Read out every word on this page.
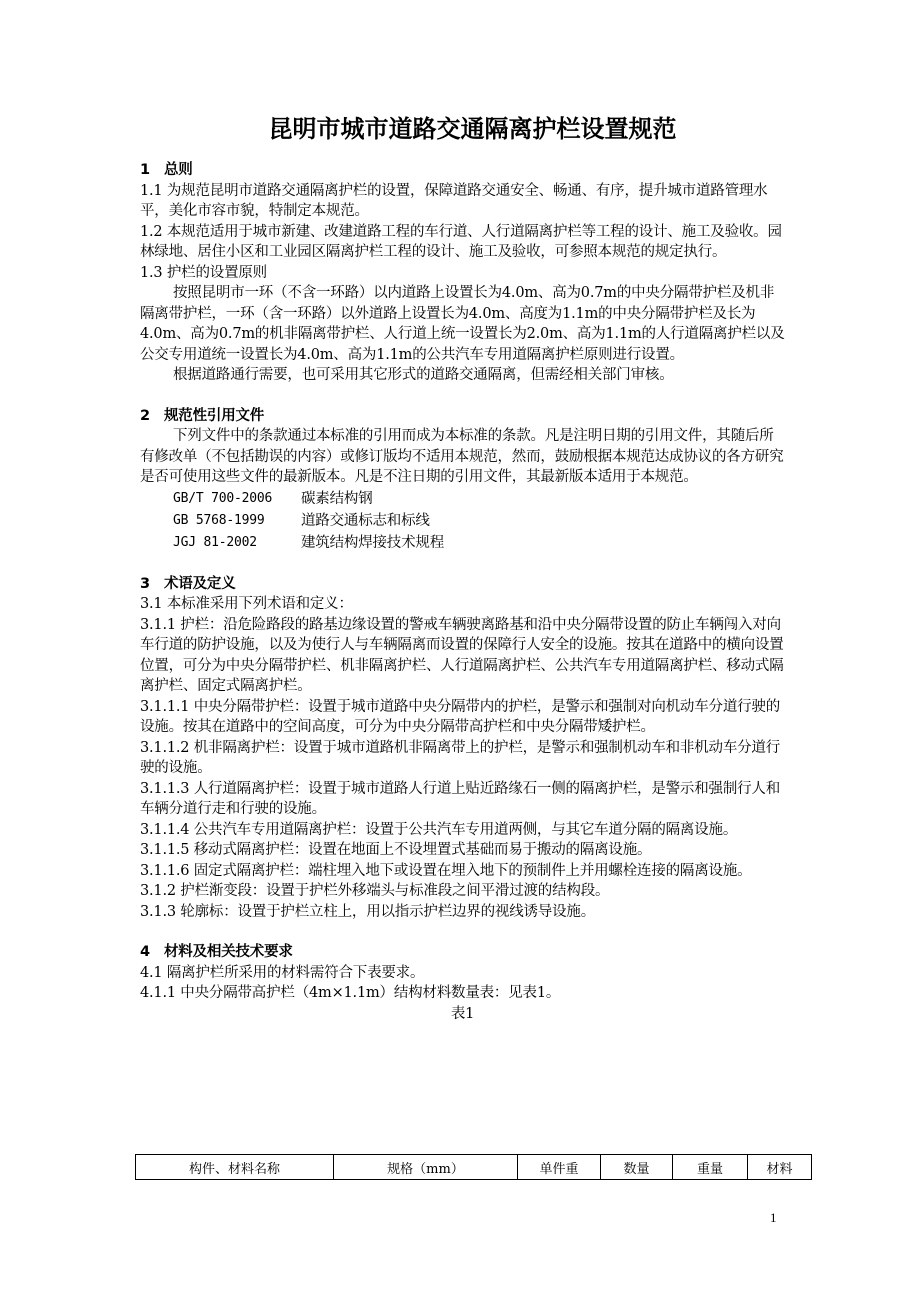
昆明市城市道路交通隔离护栏设置规范
1 总则

1.1 为规范昆明市道路交通隔离护栏的设置，保障道路交通安全、畅通、有序，提升城市道路管理水平，美化市容市貌，特制定本规范。

1.2 本规范适用于城市新建、改建道路工程的车行道、人行道隔离护栏等工程的设计、施工及验收。园林绿地、居住小区和工业园区隔离护栏工程的设计、施工及验收，可参照本规范的规定执行。

1.3 护栏的设置原则

按照昆明市一环（不含一环路）以内道路上设置长为4.0m、高为0.7m的中央分隔带护栏及机非隔离带护栏，一环（含一环路）以外道路上设置长为4.0m、高度为1.1m的中央分隔带护栏及长为4.0m、高为0.7m的机非隔离带护栏、人行道上统一设置长为2.0m、高为1.1m的人行道隔离护栏以及公交专用道统一设置长为4.0m、高为1.1m的公共汽车专用道隔离护栏原则进行设置。

根据道路通行需要，也可采用其它形式的道路交通隔离，但需经相关部门审核。

2 规范性引用文件

下列文件中的条款通过本标准的引用而成为本标准的条款。凡是注明日期的引用文件，其随后所有修改单（不包括勘误的内容）或修订版均不适用本规范，然而，鼓励根据本规范达成协议的各方研究是否可使用这些文件的最新版本。凡是不注日期的引用文件，其最新版本适用于本规范。

GB/T 700-2006	碳素结构钢
GB 5768-1999	道路交通标志和标线
JGJ 81-2002	建筑结构焊接技术规程
3 术语及定义

3.1 本标准采用下列术语和定义：

3.1.1 护栏：沿危险路段的路基边缘设置的警戒车辆驶离路基和沿中央分隔带设置的防止车辆闯入对向车行道的防护设施，以及为使行人与车辆隔离而设置的保障行人安全的设施。按其在道路中的横向设置位置，可分为中央分隔带护栏、机非隔离护栏、人行道隔离护栏、公共汽车专用道隔离护栏、移动式隔离护栏、固定式隔离护栏。

3.1.1.1 中央分隔带护栏：设置于城市道路中央分隔带内的护栏，是警示和强制对向机动车分道行驶的设施。按其在道路中的空间高度，可分为中央分隔带高护栏和中央分隔带矮护栏。

3.1.1.2 机非隔离护栏：设置于城市道路机非隔离带上的护栏，是警示和强制机动车和非机动车分道行驶的设施。

3.1.1.3 人行道隔离护栏：设置于城市道路人行道上贴近路缘石一侧的隔离护栏，是警示和强制行人和车辆分道行走和行驶的设施。

3.1.1.4 公共汽车专用道隔离护栏：设置于公共汽车专用道两侧，与其它车道分隔的隔离设施。

3.1.1.5 移动式隔离护栏：设置在地面上不设埋置式基础而易于搬动的隔离设施。

3.1.1.6 固定式隔离护栏：端柱埋入地下或设置在埋入地下的预制件上并用螺栓连接的隔离设施。

3.1.2 护栏渐变段：设置于护栏外移端头与标准段之间平滑过渡的结构段。

3.1.3 轮廓标：设置于护栏立柱上，用以指示护栏边界的视线诱导设施。

4 材料及相关技术要求

4.1 隔离护栏所采用的材料需符合下表要求。

4.1.1 中央分隔带高护栏（4m×1.1m）结构材料数量表：见表1。

表1
构件、材料名称	规格（mm）	单件重	数量	重量	材料
1
